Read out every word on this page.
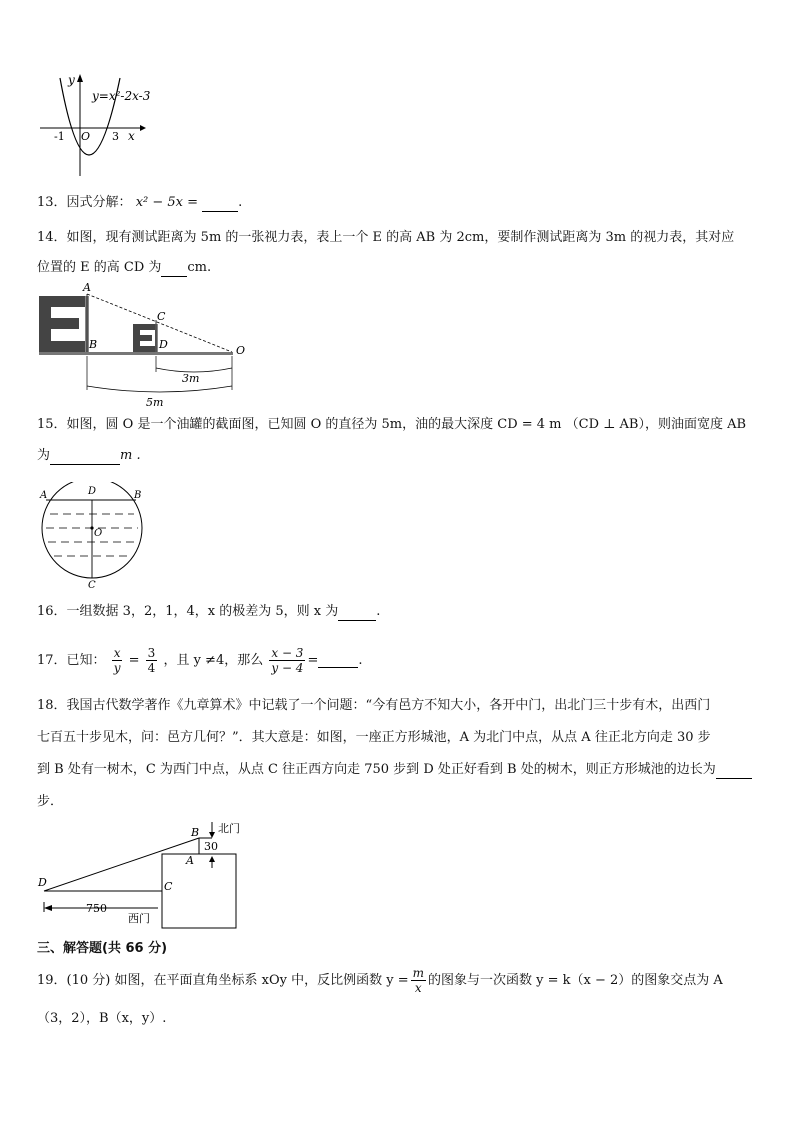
y
x
y=x²-2x-3
-1 O 3
13．因式分解： x² − 5x =	.
14．如图，现有测试距离为 5m 的一张视力表，表上一个 E 的高 AB 为 2cm，要制作测试距离为 3m 的视力表，其对应
位置的 E 的高 CD 为 cm.
A
B
C
D	O
3m
5m
15．如图，圆 O 是一个油罐的截面图，已知圆 O 的直径为 5m，油的最大深度 CD = 4 m （CD ⊥ AB），则油面宽度 AB
为	m .
A	B
D
O
C
16．一组数据 3，2，1，4，x 的极差为 5，则 x 为	.
17．已知： $\frac{x}{y} = \frac{3}{4}$ ，且 y ≠4，那么 $\frac{x - 3}{y - 4}$ =	.
18．我国古代数学著作《九章算术》中记载了一个问题：“今有邑方不知大小，各开中门，出北门三十步有木，出西门
七百五十步见木，问：邑方几何？”．其大意是：如图，一座正方形城池，A 为北门中点，从点 A 往正北方向走 30 步
到 B 处有一树木，C 为西门中点，从点 C 往正西方向走 750 步到 D 处正好看到 B 处的树木，则正方形城池的边长为
步．
B 北门
30
A
D	C
750
西门
三、解答题(共 66 分)
19．(10 分) 如图，在平面直角坐标系 xOy 中，反比例函数 $y = \frac{m}{x}$ 的图象与一次函数 y = k（x − 2）的图象交点为 A
（3，2），B（x，y）.
